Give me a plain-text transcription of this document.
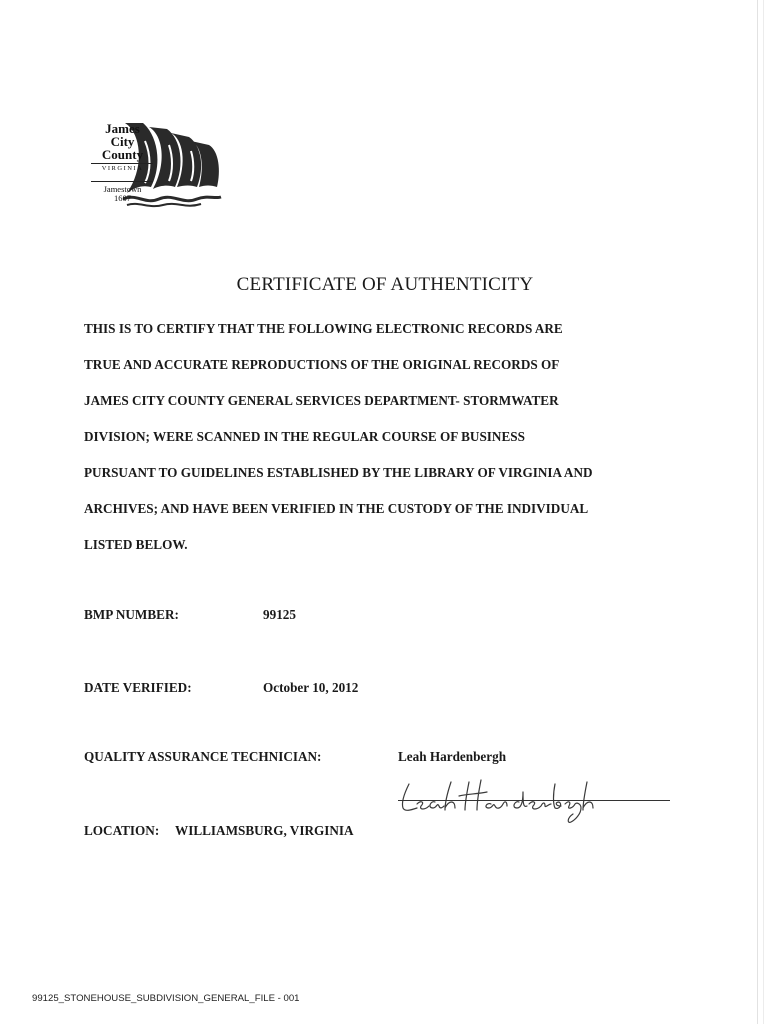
James
City
County
VIRGINIA
Jamestown
1607
CERTIFICATE OF AUTHENTICITY
THIS IS TO CERTIFY THAT THE FOLLOWING ELECTRONIC RECORDS ARE
TRUE AND ACCURATE REPRODUCTIONS OF THE ORIGINAL RECORDS OF
JAMES CITY COUNTY GENERAL SERVICES DEPARTMENT- STORMWATER
DIVISION; WERE SCANNED IN THE REGULAR COURSE OF BUSINESS
PURSUANT TO GUIDELINES ESTABLISHED BY THE LIBRARY OF VIRGINIA AND
ARCHIVES; AND HAVE BEEN VERIFIED IN THE CUSTODY OF THE INDIVIDUAL
LISTED BELOW.
BMP NUMBER:	99125
DATE VERIFIED:	October 10, 2012
QUALITY ASSURANCE TECHNICIAN:	Leah Hardenbergh
LOCATION: WILLIAMSBURG, VIRGINIA
99125_STONEHOUSE_SUBDIVISION_GENERAL_FILE - 001
